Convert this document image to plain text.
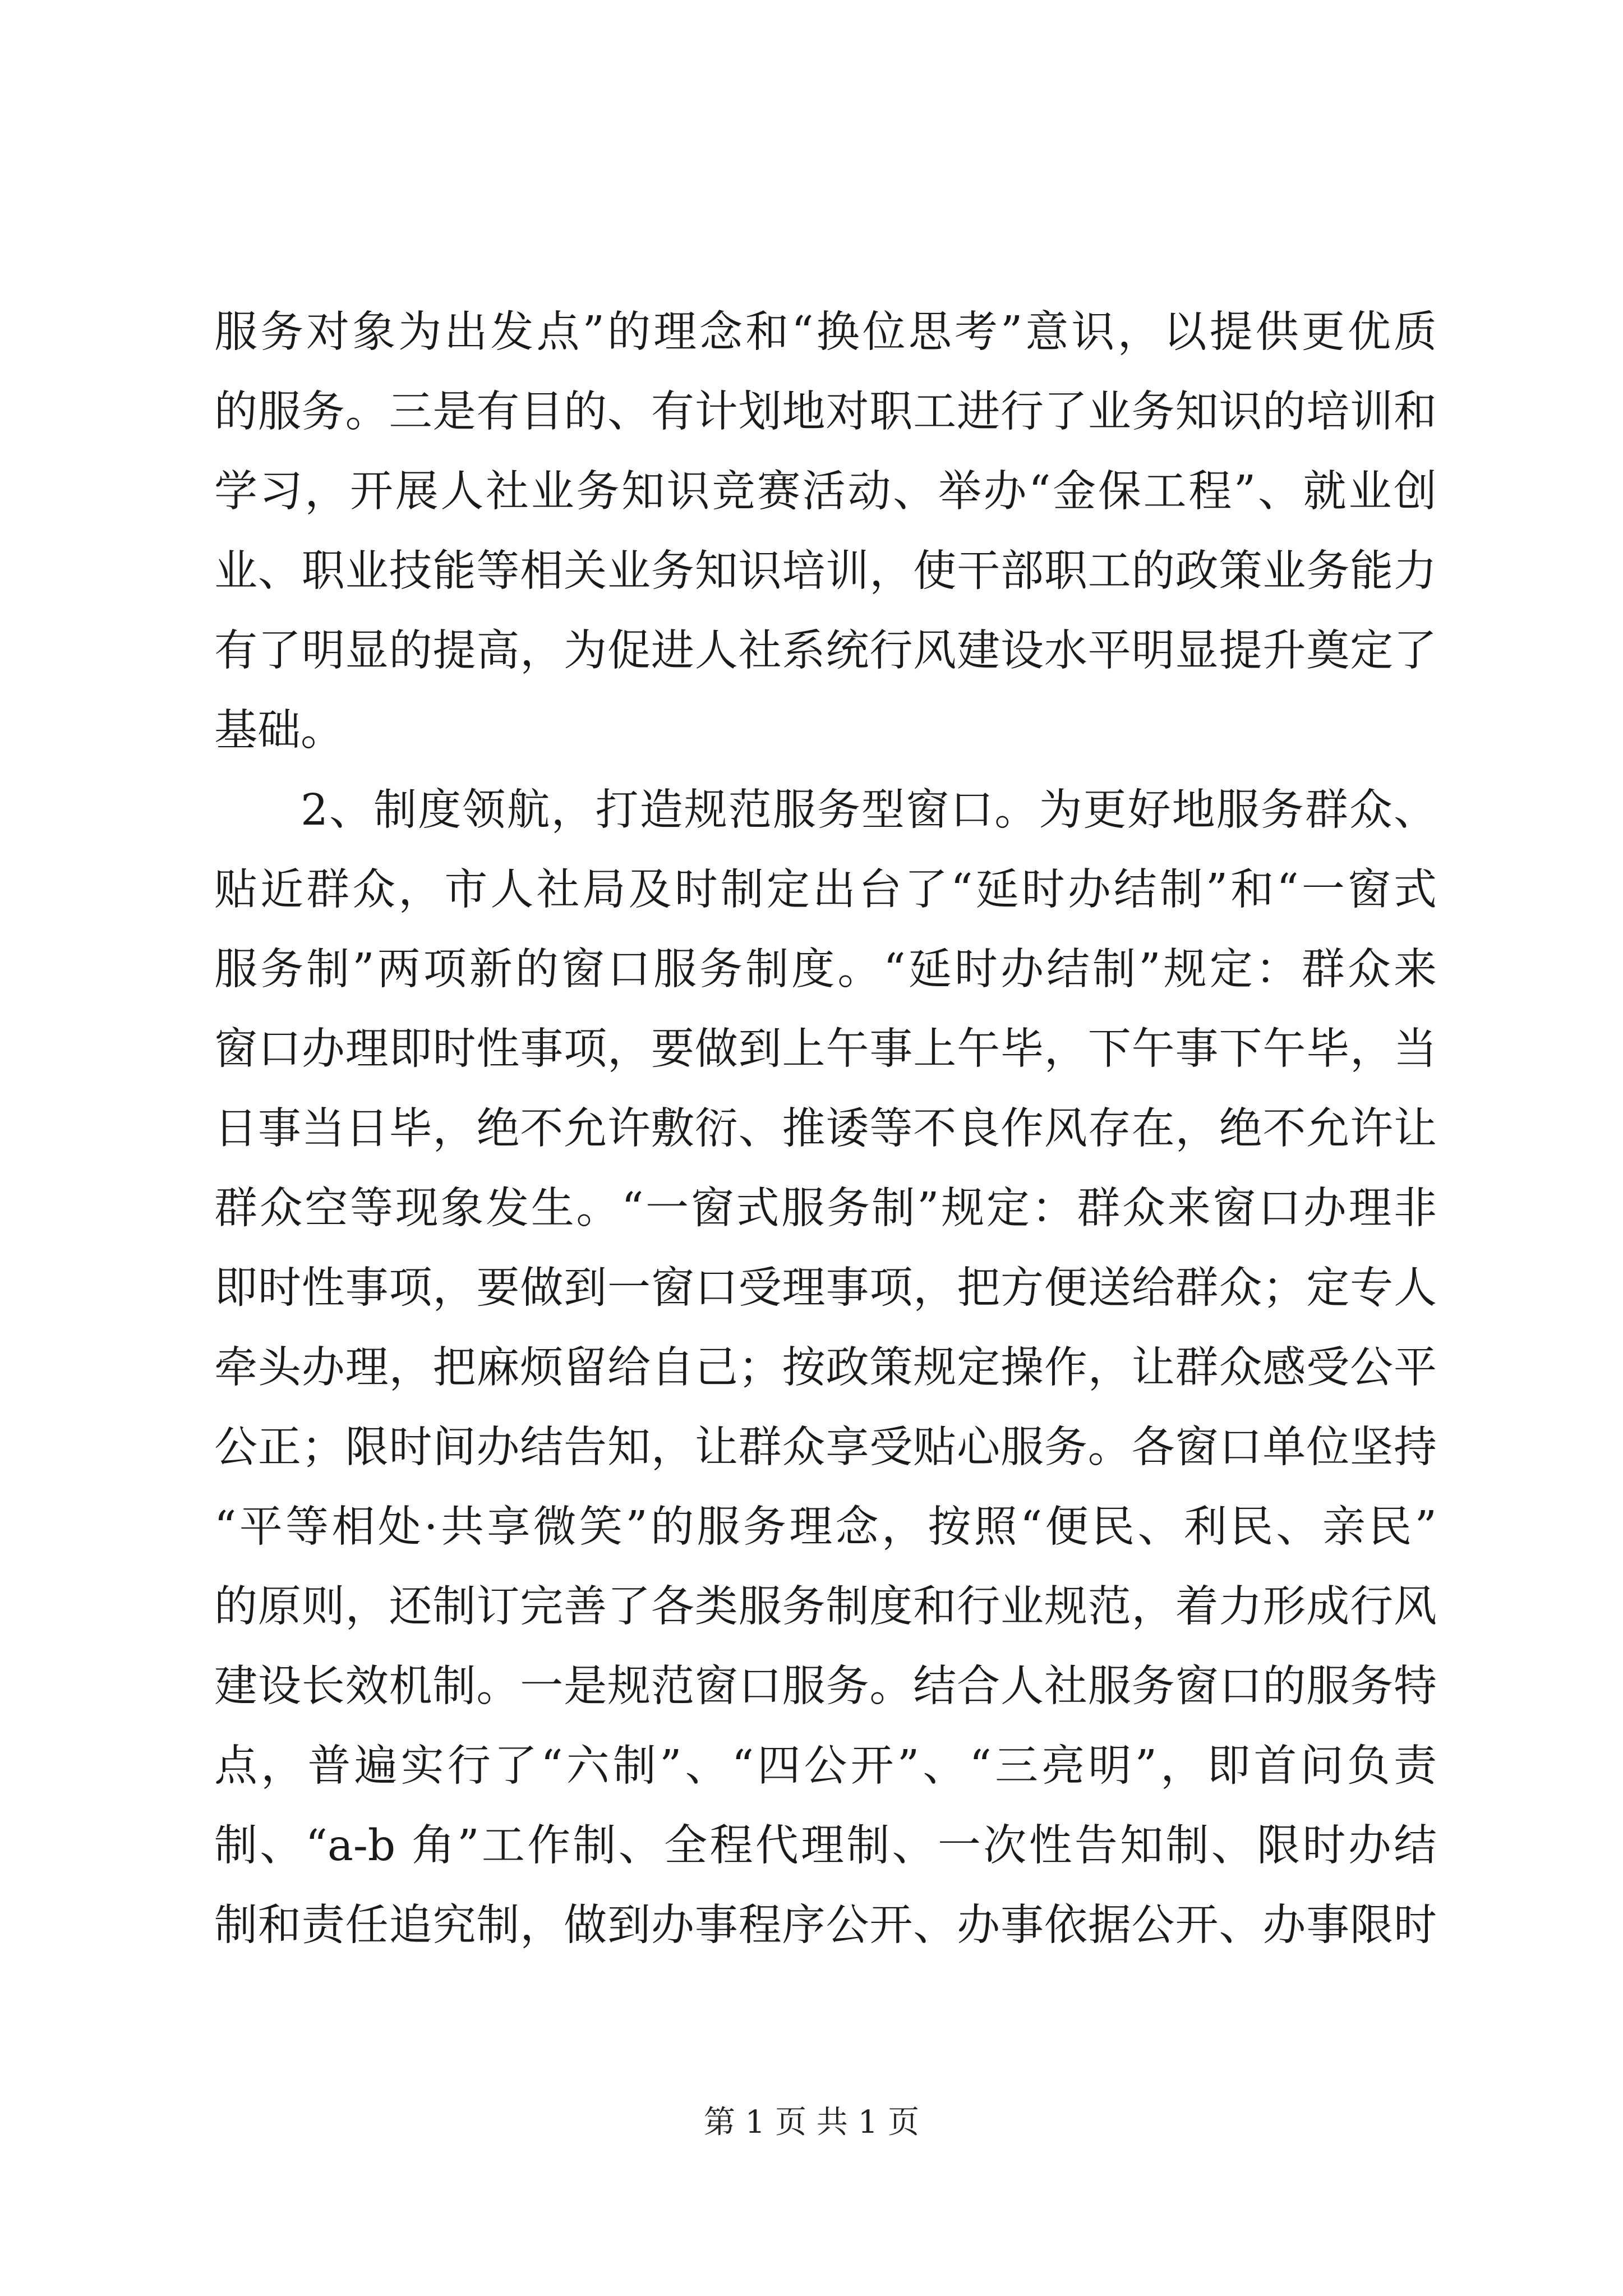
服务对象为出发点”的理念和“换位思考”意识，以提供更优质
的服务。三是有目的、有计划地对职工进行了业务知识的培训和
学习，开展人社业务知识竞赛活动、举办“金保工程”、就业创
业、职业技能等相关业务知识培训，使干部职工的政策业务能力
有了明显的提高，为促进人社系统行风建设水平明显提升奠定了
基础。
2、制度领航，打造规范服务型窗口。为更好地服务群众、
贴近群众，市人社局及时制定出台了“延时办结制”和“一窗式
服务制”两项新的窗口服务制度。“延时办结制”规定：群众来
窗口办理即时性事项，要做到上午事上午毕，下午事下午毕，当
日事当日毕，绝不允许敷衍、推诿等不良作风存在，绝不允许让
群众空等现象发生。“一窗式服务制”规定：群众来窗口办理非
即时性事项，要做到一窗口受理事项，把方便送给群众；定专人
牵头办理，把麻烦留给自己；按政策规定操作，让群众感受公平
公正；限时间办结告知，让群众享受贴心服务。各窗口单位坚持
“平等相处·共享微笑”的服务理念，按照“便民、利民、亲民”
的原则，还制订完善了各类服务制度和行业规范，着力形成行风
建设长效机制。一是规范窗口服务。结合人社服务窗口的服务特
点，普遍实行了“六制”、“四公开”、“三亮明”，即首问负责
制、“a-b 角”工作制、全程代理制、一次性告知制、限时办结
制和责任追究制，做到办事程序公开、办事依据公开、办事限时
第 1 页 共 1 页
